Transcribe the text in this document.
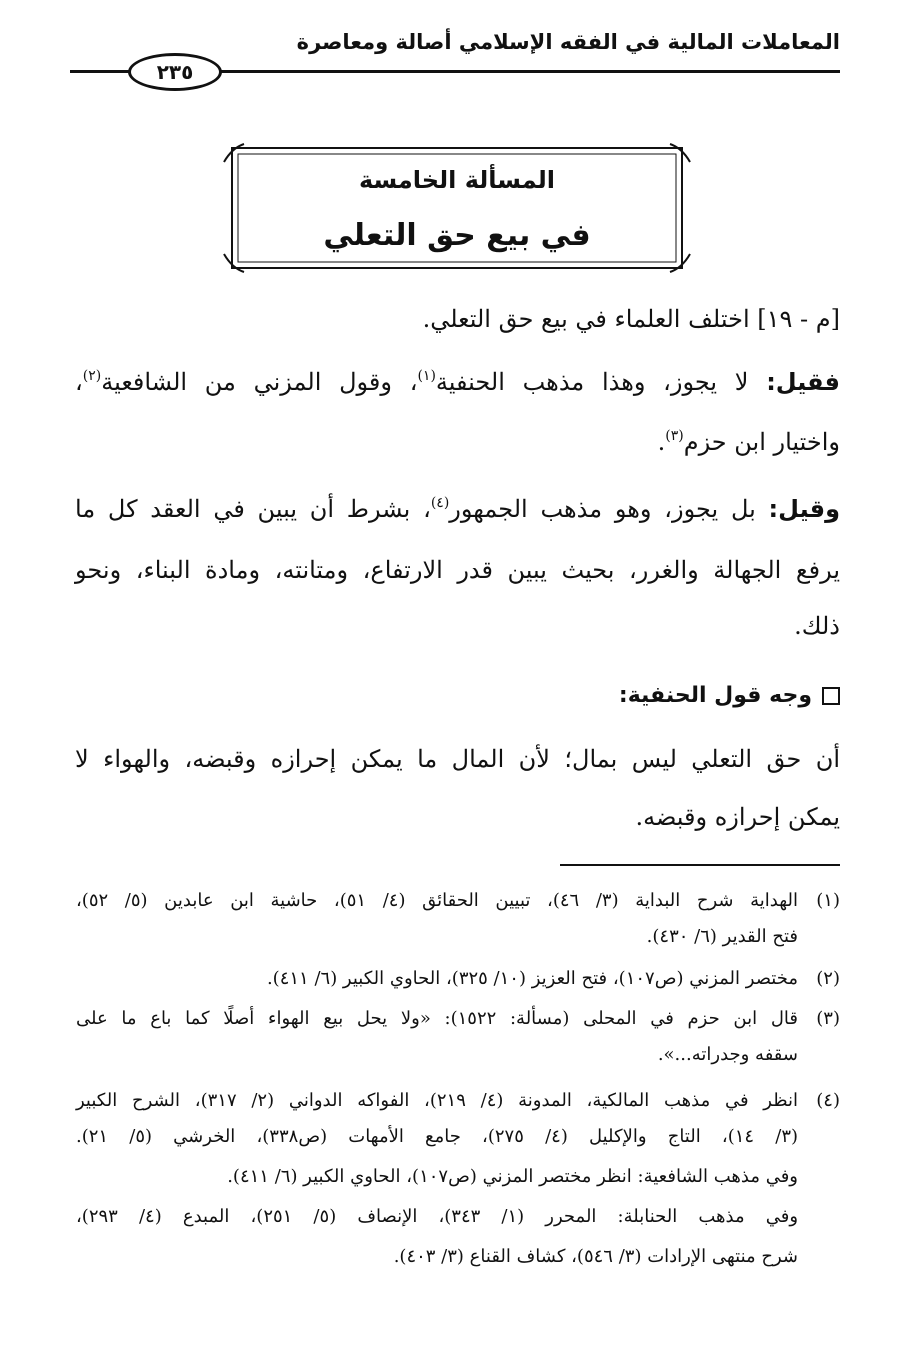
المعاملات المالية في الفقه الإسلامي أصالة ومعاصرة
٢٣٥
المسألة الخامسة
في بيع حق التعلي
[م - ١٩] اختلف العلماء في بيع حق التعلي.
فقيل: لا يجوز، وهذا مذهب الحنفية$^{(١)}$، وقول المزني من الشافعية$^{(٢)}$،
واختيار ابن حزم$^{(٣)}$.
وقيل: بل يجوز، وهو مذهب الجمهور$^{(٤)}$، بشرط أن يبين في العقد كل ما
يرفع الجهالة والغرر، بحيث يبين قدر الارتفاع، ومتانته، ومادة البناء، ونحو
ذلك.
وجه قول الحنفية:
أن حق التعلي ليس بمال؛ لأن المال ما يمكن إحرازه وقبضه، والهواء لا
يمكن إحرازه وقبضه.
(١)
الهداية شرح البداية (٣/ ٤٦)، تبيين الحقائق (٤/ ٥١)، حاشية ابن عابدين (٥/ ٥٢)،
فتح القدير (٦/ ٤٣٠).
(٢)
مختصر المزني (ص١٠٧)، فتح العزيز (١٠/ ٣٢٥)، الحاوي الكبير (٦/ ٤١١).
(٣)
قال ابن حزم في المحلى (مسألة: ١٥٢٢): «ولا يحل بيع الهواء أصلًا كما باع ما على
سقفه وجدراته...».
(٤)
انظر في مذهب المالكية، المدونة (٤/ ٢١٩)، الفواكه الدواني (٢/ ٣١٧)، الشرح الكبير
(٣/ ١٤)، التاج والإكليل (٤/ ٢٧٥)، جامع الأمهات (ص٣٣٨)، الخرشي (٥/ ٢١).
وفي مذهب الشافعية: انظر مختصر المزني (ص١٠٧)، الحاوي الكبير (٦/ ٤١١).
وفي مذهب الحنابلة: المحرر (١/ ٣٤٣)، الإنصاف (٥/ ٢٥١)، المبدع (٤/ ٢٩٣)،
شرح منتهى الإرادات (٣/ ٥٤٦)، كشاف القناع (٣/ ٤٠٣).
